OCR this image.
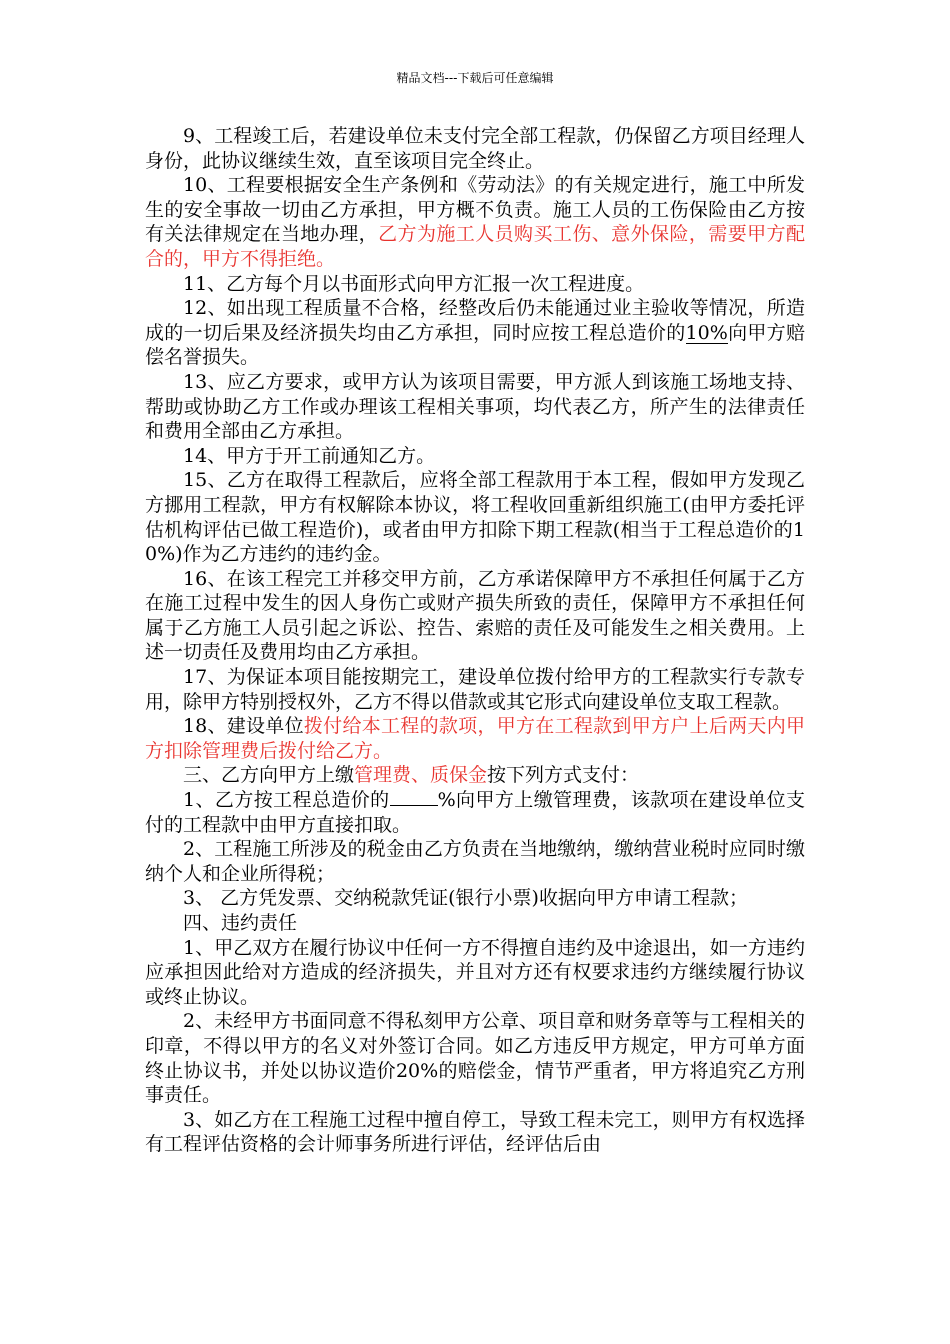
精品文档---下载后可任意编辑

9、工程竣工后，若建设单位未支付完全部工程款，仍保留乙方项目经理人身份，此协议继续生效，直至该项目完全终止。

10、工程要根据安全生产条例和《劳动法》的有关规定进行，施工中所发生的安全事故一切由乙方承担，甲方概不负责。施工人员的工伤保险由乙方按有关法律规定在当地办理，乙方为施工人员购买工伤、意外保险，需要甲方配合的，甲方不得拒绝。

11、乙方每个月以书面形式向甲方汇报一次工程进度。

12、如出现工程质量不合格，经整改后仍未能通过业主验收等情况，所造成的一切后果及经济损失均由乙方承担，同时应按工程总造价的10%向甲方赔偿名誉损失。

13、应乙方要求，或甲方认为该项目需要，甲方派人到该施工场地支持、帮助或协助乙方工作或办理该工程相关事项，均代表乙方，所产生的法律责任和费用全部由乙方承担。

14、甲方于开工前通知乙方。

15、乙方在取得工程款后，应将全部工程款用于本工程，假如甲方发现乙方挪用工程款，甲方有权解除本协议，将工程收回重新组织施工(由甲方委托评估机构评估已做工程造价)，或者由甲方扣除下期工程款(相当于工程总造价的10%)作为乙方违约的违约金。

16、在该工程完工并移交甲方前，乙方承诺保障甲方不承担任何属于乙方在施工过程中发生的因人身伤亡或财产损失所致的责任，保障甲方不承担任何属于乙方施工人员引起之诉讼、控告、索赔的责任及可能发生之相关费用。上述一切责任及费用均由乙方承担。

17、为保证本项目能按期完工，建设单位拨付给甲方的工程款实行专款专用，除甲方特别授权外，乙方不得以借款或其它形式向建设单位支取工程款。

18、建设单位拨付给本工程的款项，甲方在工程款到甲方户上后两天内甲方扣除管理费后拨付给乙方。

三、乙方向甲方上缴管理费、质保金按下列方式支付：

1、乙方按工程总造价的	%向甲方上缴管理费，该款项在建设单位支付的工程款中由甲方直接扣取。

2、工程施工所涉及的税金由乙方负责在当地缴纳，缴纳营业税时应同时缴纳个人和企业所得税；

3、 乙方凭发票、交纳税款凭证(银行小票)收据向甲方申请工程款；

四、违约责任

1、甲乙双方在履行协议中任何一方不得擅自违约及中途退出，如一方违约应承担因此给对方造成的经济损失，并且对方还有权要求违约方继续履行协议或终止协议。

2、未经甲方书面同意不得私刻甲方公章、项目章和财务章等与工程相关的印章，不得以甲方的名义对外签订合同。如乙方违反甲方规定，甲方可单方面终止协议书，并处以协议造价20%的赔偿金，情节严重者，甲方将追究乙方刑事责任。

3、如乙方在工程施工过程中擅自停工，导致工程未完工，则甲方有权选择有工程评估资格的会计师事务所进行评估，经评估后由
